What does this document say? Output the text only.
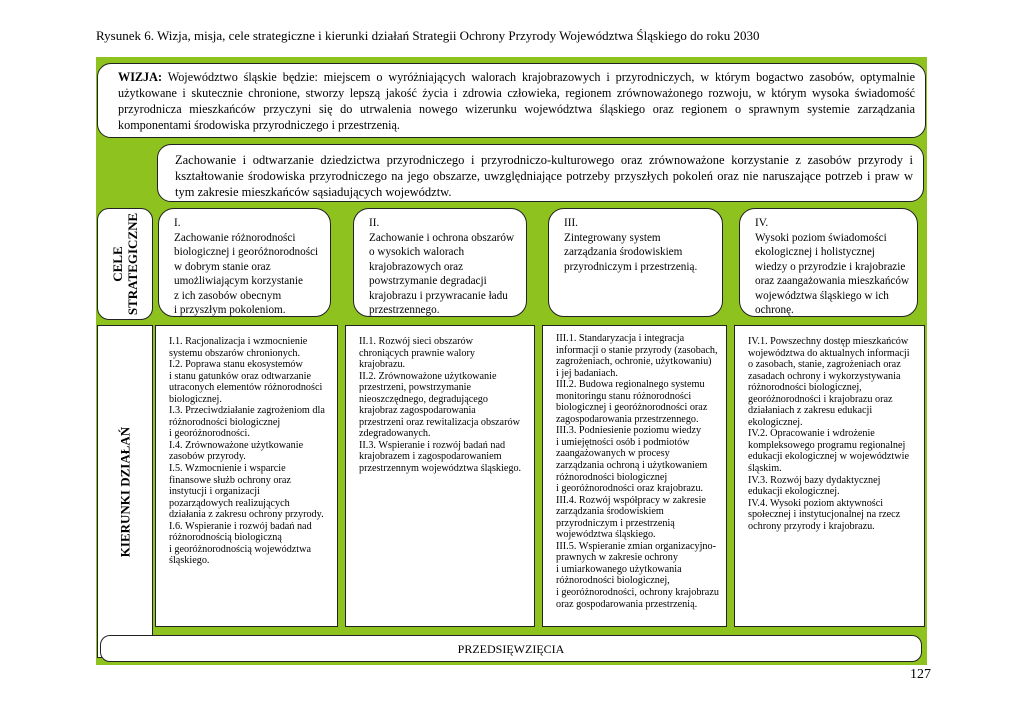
Rysunek 6. Wizja, misja, cele strategiczne i kierunki działań Strategii Ochrony Przyrody Województwa Śląskiego do roku 2030
WIZJA: Województwo śląskie będzie: miejscem o wyróżniających walorach krajobrazowych i przyrodniczych, w którym bogactwo zasobów, optymalnie użytkowane i skutecznie chronione, stworzy lepszą jakość życia i zdrowia człowieka, regionem zrównoważonego rozwoju, w którym wysoka świadomość przyrodnicza mieszkańców przyczyni się do utrwalenia nowego wizerunku województwa śląskiego oraz regionem o sprawnym systemie zarządzania komponentami środowiska przyrodniczego i przestrzenią.
Zachowanie i odtwarzanie dziedzictwa przyrodniczego i przyrodniczo-kulturowego oraz zrównoważone korzystanie z zasobów przyrody i kształtowanie środowiska przyrodniczego na jego obszarze, uwzględniające potrzeby przyszłych pokoleń oraz nie naruszające potrzeb i praw w tym zakresie mieszkańców sąsiadujących województw.
CELE STRATEGICZNE
KIERUNKI DZIAŁAŃ
I.
Zachowanie różnorodności
biologicznej i georóżnorodności
w dobrym stanie oraz
umożliwiającym korzystanie
z ich zasobów obecnym
i przyszłym pokoleniom.
II.
Zachowanie i ochrona obszarów
o wysokich walorach
krajobrazowych oraz
powstrzymanie degradacji
krajobrazu i przywracanie ładu
przestrzennego.
III.
Zintegrowany system
zarządzania środowiskiem
przyrodniczym i przestrzenią.
IV.
Wysoki poziom świadomości
ekologicznej i holistycznej
wiedzy o przyrodzie i krajobrazie
oraz zaangażowania mieszkańców
województwa śląskiego w ich
ochronę.
I.1. Racjonalizacja i wzmocnienie
systemu obszarów chronionych.
I.2. Poprawa stanu ekosystemów
i stanu gatunków oraz odtwarzanie
utraconych elementów różnorodności
biologicznej.
I.3. Przeciwdziałanie zagrożeniom dla
różnorodności biologicznej
i georóżnorodności.
I.4. Zrównoważone użytkowanie
zasobów przyrody.
I.5. Wzmocnienie i wsparcie
finansowe służb ochrony oraz
instytucji i organizacji
pozarządowych realizujących
działania z zakresu ochrony przyrody.
I.6. Wspieranie i rozwój badań nad
różnorodnością biologiczną
i georóżnorodnością województwa
śląskiego.
II.1. Rozwój sieci obszarów
chroniących prawnie walory
krajobrazu.
II.2. Zrównoważone użytkowanie
przestrzeni, powstrzymanie
nieoszczędnego, degradującego
krajobraz zagospodarowania
przestrzeni oraz rewitalizacja obszarów
zdegradowanych.
II.3. Wspieranie i rozwój badań nad
krajobrazem i zagospodarowaniem
przestrzennym województwa śląskiego.
III.1. Standaryzacja i integracja
informacji o stanie przyrody (zasobach,
zagrożeniach, ochronie, użytkowaniu)
i jej badaniach.
III.2. Budowa regionalnego systemu
monitoringu stanu różnorodności
biologicznej i georóżnorodności oraz
zagospodarowania przestrzennego.
III.3. Podniesienie poziomu wiedzy
i umiejętności osób i podmiotów
zaangażowanych w procesy
zarządzania ochroną i użytkowaniem
różnorodności biologicznej
i georóżnorodności oraz krajobrazu.
III.4. Rozwój współpracy w zakresie
zarządzania środowiskiem
przyrodniczym i przestrzenią
województwa śląskiego.
III.5. Wspieranie zmian organizacyjno-
prawnych w zakresie ochrony
i umiarkowanego użytkowania
różnorodności biologicznej,
i georóżnorodności, ochrony krajobrazu
oraz gospodarowania przestrzenią.
IV.1. Powszechny dostęp mieszkańców
województwa do aktualnych informacji
o zasobach, stanie, zagrożeniach oraz
zasadach ochrony i wykorzystywania
różnorodności biologicznej,
georóżnorodności i krajobrazu oraz
działaniach z zakresu edukacji
ekologicznej.
IV.2. Opracowanie i wdrożenie
kompleksowego programu regionalnej
edukacji ekologicznej w województwie
śląskim.
IV.3. Rozwój bazy dydaktycznej
edukacji ekologicznej.
IV.4. Wysoki poziom aktywności
społecznej i instytucjonalnej na rzecz
ochrony przyrody i krajobrazu.
PRZEDSIĘWZIĘCIA
127
